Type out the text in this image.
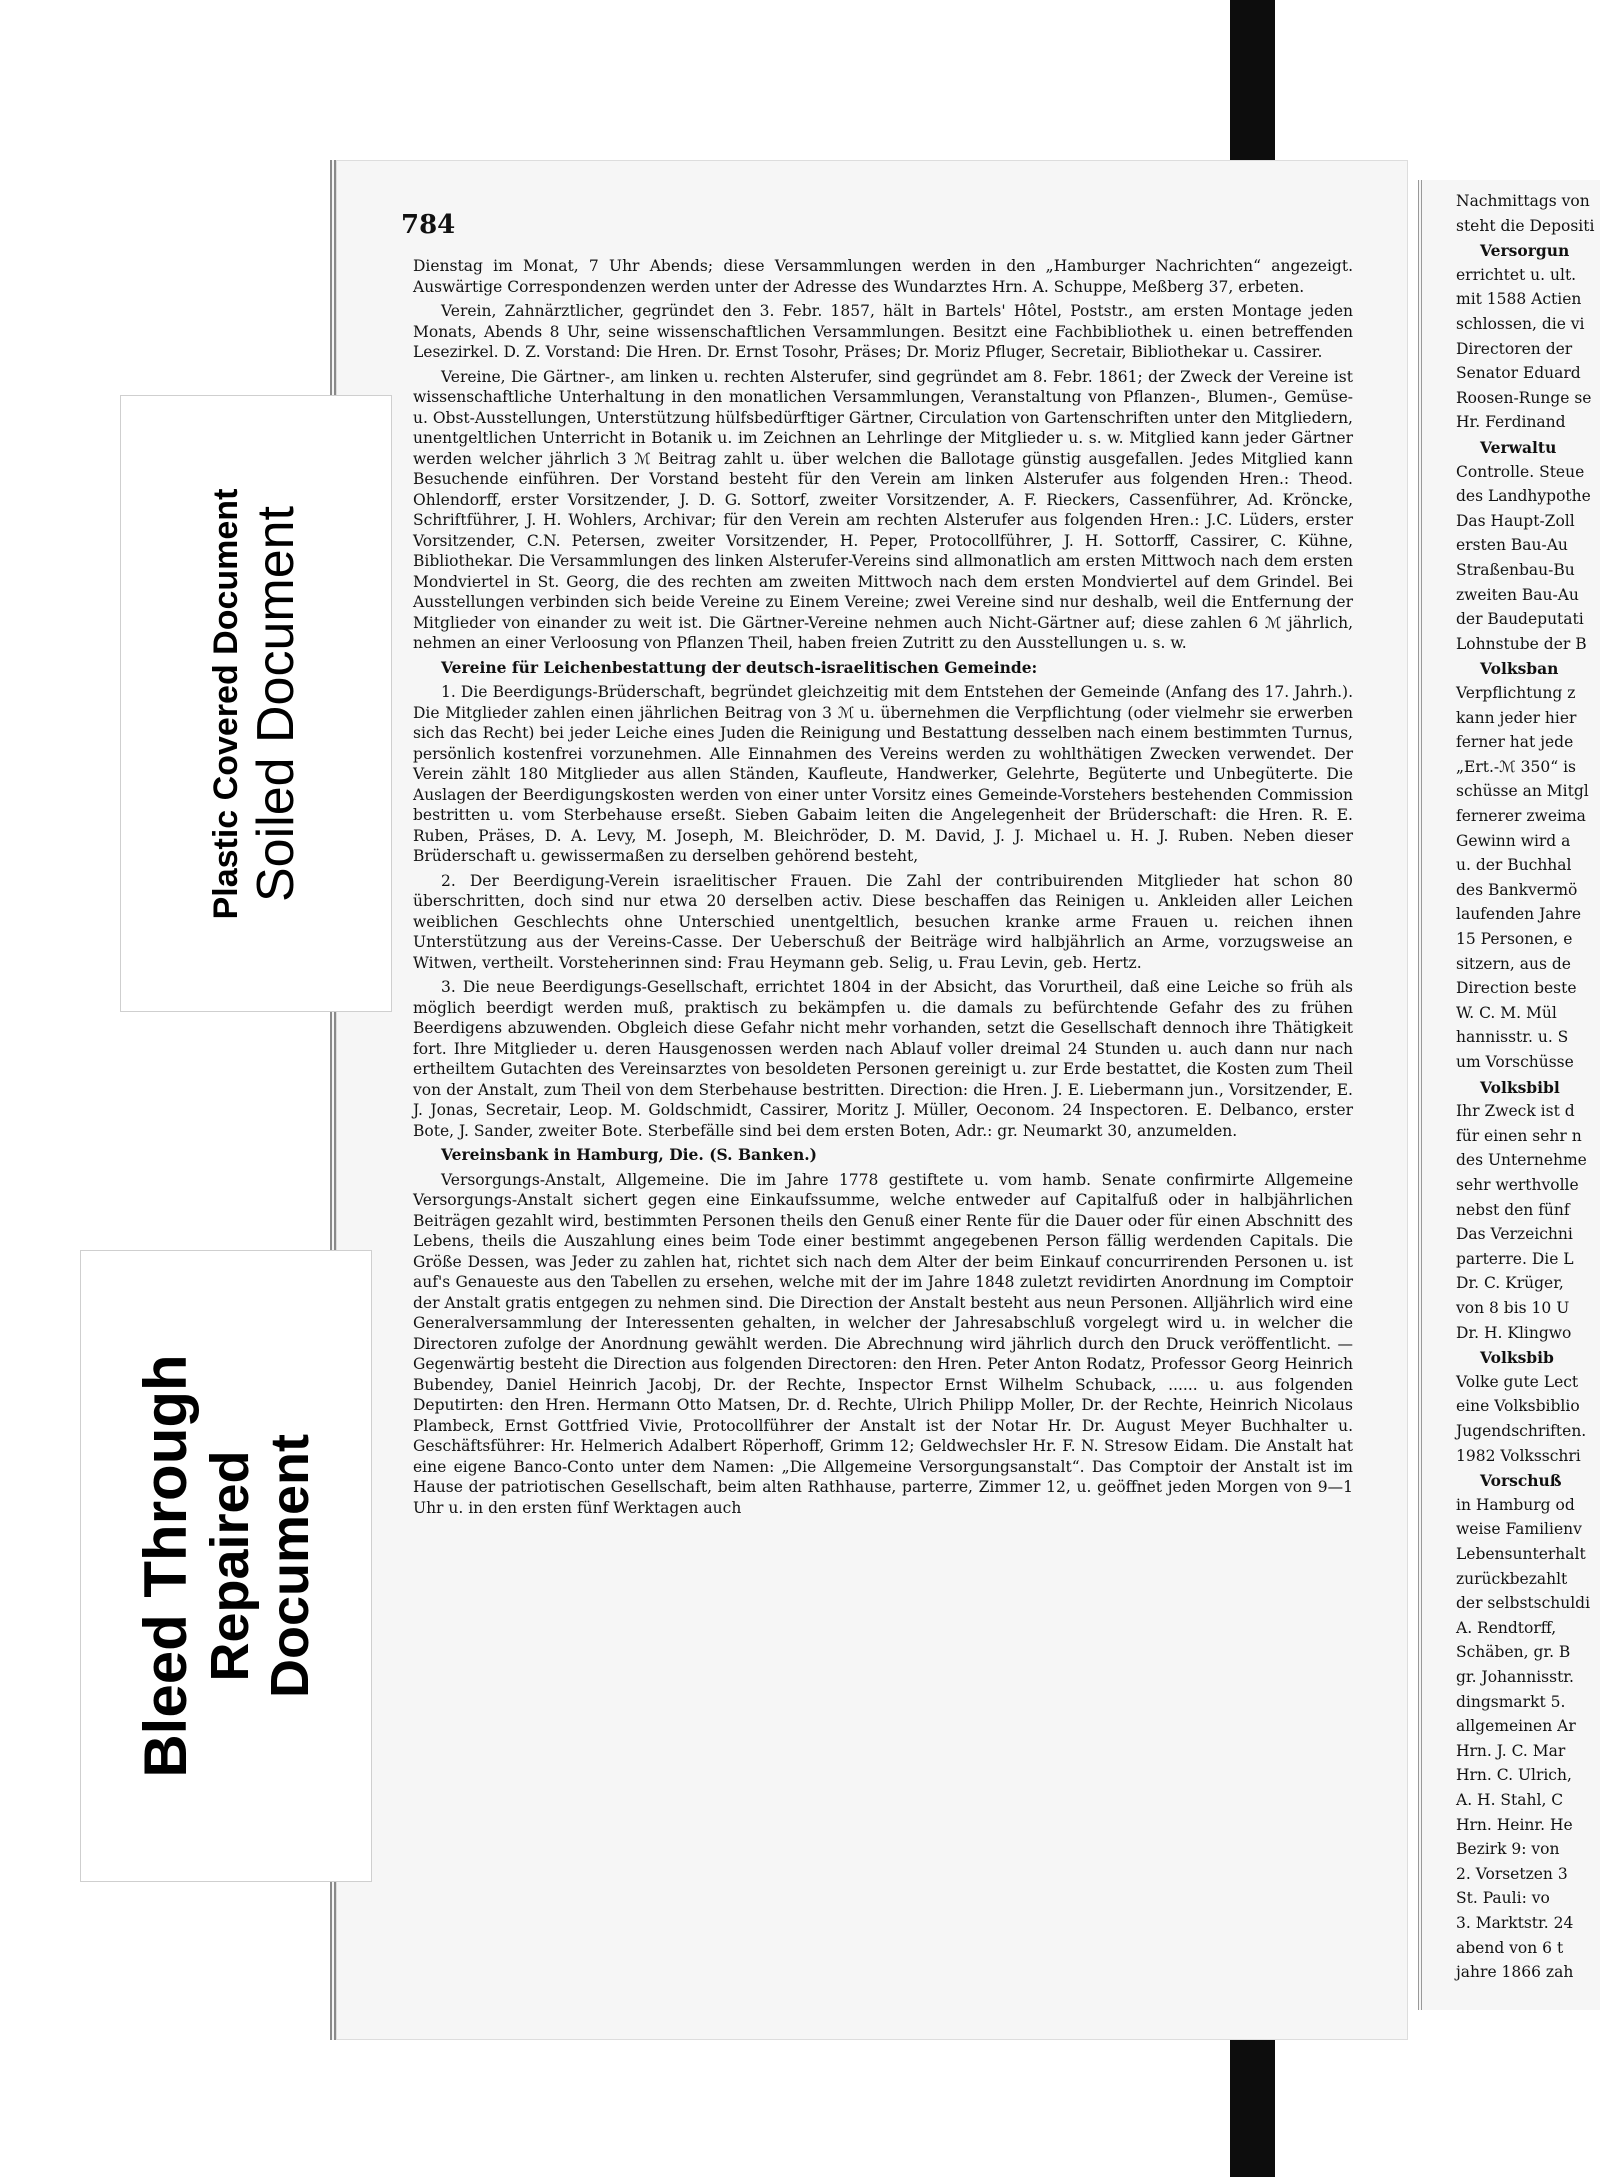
784

Dienstag im Monat, 7 Uhr Abends; diese Versammlungen werden in den „Hamburger Nachrichten“ angezeigt. Auswärtige Correspondenzen werden unter der Adresse des Wundarztes Hrn. A. Schuppe, Meßberg 37, erbeten.

Verein, Zahnärztlicher, gegründet den 3. Febr. 1857, hält in Bartels' Hôtel, Poststr., am ersten Montage jeden Monats, Abends 8 Uhr, seine wissenschaftlichen Versammlungen. Besitzt eine Fachbibliothek u. einen betreffenden Lesezirkel. D. Z. Vorstand: Die Hren. Dr. Ernst Tosohr, Präses; Dr. Moriz Pfluger, Secretair, Bibliothekar u. Cassirer.

Vereine, Die Gärtner-, am linken u. rechten Alsterufer, sind gegründet am 8. Febr. 1861; der Zweck der Vereine ist wissenschaftliche Unterhaltung in den monatlichen Versammlungen, Veranstaltung von Pflanzen-, Blumen-, Gemüse- u. Obst-Ausstellungen, Unterstützung hülfsbedürftiger Gärtner, Circulation von Gartenschriften unter den Mitgliedern, unentgeltlichen Unterricht in Botanik u. im Zeichnen an Lehrlinge der Mitglieder u. s. w. Mitglied kann jeder Gärtner werden welcher jährlich 3 ℳ Beitrag zahlt u. über welchen die Ballotage günstig ausgefallen. Jedes Mitglied kann Besuchende einführen. Der Vorstand besteht für den Verein am linken Alsterufer aus folgenden Hren.: Theod. Ohlendorff, erster Vorsitzender, J. D. G. Sottorf, zweiter Vorsitzender, A. F. Rieckers, Cassenführer, Ad. Kröncke, Schriftführer, J. H. Wohlers, Archivar; für den Verein am rechten Alsterufer aus folgenden Hren.: J.C. Lüders, erster Vorsitzender, C.N. Petersen, zweiter Vorsitzender, H. Peper, Protocollführer, J. H. Sottorff, Cassirer, C. Kühne, Bibliothekar. Die Versammlungen des linken Alsterufer-Vereins sind allmonatlich am ersten Mittwoch nach dem ersten Mondviertel in St. Georg, die des rechten am zweiten Mittwoch nach dem ersten Mondviertel auf dem Grindel. Bei Ausstellungen verbinden sich beide Vereine zu Einem Vereine; zwei Vereine sind nur deshalb, weil die Entfernung der Mitglieder von einander zu weit ist. Die Gärtner-Vereine nehmen auch Nicht-Gärtner auf; diese zahlen 6 ℳ jährlich, nehmen an einer Verloosung von Pflanzen Theil, haben freien Zutritt zu den Ausstellungen u. s. w.

Vereine für Leichenbestattung der deutsch-israelitischen Gemeinde:

1. Die Beerdigungs-Brüderschaft, begründet gleichzeitig mit dem Entstehen der Gemeinde (Anfang des 17. Jahrh.). Die Mitglieder zahlen einen jährlichen Beitrag von 3 ℳ u. übernehmen die Verpflichtung (oder vielmehr sie erwerben sich das Recht) bei jeder Leiche eines Juden die Reinigung und Bestattung desselben nach einem bestimmten Turnus, persönlich kostenfrei vorzunehmen. Alle Einnahmen des Vereins werden zu wohlthätigen Zwecken verwendet. Der Verein zählt 180 Mitglieder aus allen Ständen, Kaufleute, Handwerker, Gelehrte, Begüterte und Unbegüterte. Die Auslagen der Beerdigungskosten werden von einer unter Vorsitz eines Gemeinde-Vorstehers bestehenden Commission bestritten u. vom Sterbehause erseßt. Sieben Gabaim leiten die Angelegenheit der Brüderschaft: die Hren. R. E. Ruben, Präses, D. A. Levy, M. Joseph, M. Bleichröder, D. M. David, J. J. Michael u. H. J. Ruben. Neben dieser Brüderschaft u. gewissermaßen zu derselben gehörend besteht,

2. Der Beerdigung-Verein israelitischer Frauen. Die Zahl der contribuirenden Mitglieder hat schon 80 überschritten, doch sind nur etwa 20 derselben activ. Diese beschaffen das Reinigen u. Ankleiden aller Leichen weiblichen Geschlechts ohne Unterschied unentgeltlich, besuchen kranke arme Frauen u. reichen ihnen Unterstützung aus der Vereins-Casse. Der Ueberschuß der Beiträge wird halbjährlich an Arme, vorzugsweise an Witwen, vertheilt. Vorsteherinnen sind: Frau Heymann geb. Selig, u. Frau Levin, geb. Hertz.

3. Die neue Beerdigungs-Gesellschaft, errichtet 1804 in der Absicht, das Vorurtheil, daß eine Leiche so früh als möglich beerdigt werden muß, praktisch zu bekämpfen u. die damals zu befürchtende Gefahr des zu frühen Beerdigens abzuwenden. Obgleich diese Gefahr nicht mehr vorhanden, setzt die Gesellschaft dennoch ihre Thätigkeit fort. Ihre Mitglieder u. deren Hausgenossen werden nach Ablauf voller dreimal 24 Stunden u. auch dann nur nach ertheiltem Gutachten des Vereinsarztes von besoldeten Personen gereinigt u. zur Erde bestattet, die Kosten zum Theil von der Anstalt, zum Theil von dem Sterbehause bestritten. Direction: die Hren. J. E. Liebermann jun., Vorsitzender, E. J. Jonas, Secretair, Leop. M. Goldschmidt, Cassirer, Moritz J. Müller, Oeconom. 24 Inspectoren. E. Delbanco, erster Bote, J. Sander, zweiter Bote. Sterbefälle sind bei dem ersten Boten, Adr.: gr. Neumarkt 30, anzumelden.

Vereinsbank in Hamburg, Die. (S. Banken.)

Versorgungs-Anstalt, Allgemeine. Die im Jahre 1778 gestiftete u. vom hamb. Senate confirmirte Allgemeine Versorgungs-Anstalt sichert gegen eine Einkaufssumme, welche entweder auf Capitalfuß oder in halbjährlichen Beiträgen gezahlt wird, bestimmten Personen theils den Genuß einer Rente für die Dauer oder für einen Abschnitt des Lebens, theils die Auszahlung eines beim Tode einer bestimmt angegebenen Person fällig werdenden Capitals. Die Größe Dessen, was Jeder zu zahlen hat, richtet sich nach dem Alter der beim Einkauf concurrirenden Personen u. ist auf's Genaueste aus den Tabellen zu ersehen, welche mit der im Jahre 1848 zuletzt revidirten Anordnung im Comptoir der Anstalt gratis entgegen zu nehmen sind. Die Direction der Anstalt besteht aus neun Personen. Alljährlich wird eine Generalversammlung der Interessenten gehalten, in welcher der Jahresabschluß vorgelegt wird u. in welcher die Directoren zufolge der Anordnung gewählt werden. Die Abrechnung wird jährlich durch den Druck veröffentlicht. — Gegenwärtig besteht die Direction aus folgenden Directoren: den Hren. Peter Anton Rodatz, Professor Georg Heinrich Bubendey, Daniel Heinrich Jacobj, Dr. der Rechte, Inspector Ernst Wilhelm Schuback, ...... u. aus folgenden Deputirten: den Hren. Hermann Otto Matsen, Dr. d. Rechte, Ulrich Philipp Moller, Dr. der Rechte, Heinrich Nicolaus Plambeck, Ernst Gottfried Vivie, Protocollführer der Anstalt ist der Notar Hr. Dr. August Meyer Buchhalter u. Geschäftsführer: Hr. Helmerich Adalbert Röperhoff, Grimm 12; Geldwechsler Hr. F. N. Stresow Eidam. Die Anstalt hat eine eigene Banco-Conto unter dem Namen: „Die Allgemeine Versorgungsanstalt“. Das Comptoir der Anstalt ist im Hause der patriotischen Gesellschaft, beim alten Rathhause, parterre, Zimmer 12, u. geöffnet jeden Morgen von 9—1 Uhr u. in den ersten fünf Werktagen auch

Nachmittags von
steht die Depositi
Versorgun
errichtet u. ult.
mit 1588 Actien
schlossen, die vi
Directoren der
Senator Eduard
Roosen-Runge se
Hr. Ferdinand
Verwaltu
Controlle. Steue
des Landhypothe
Das Haupt-Zoll
ersten Bau-Au
Straßenbau-Bu
zweiten Bau-Au
der Baudeputati
Lohnstube der B
Volksban
Verpflichtung z
kann jeder hier
ferner hat jede
„Ert.-ℳ 350“ is
schüsse an Mitgl
fernerer zweima
Gewinn wird a
u. der Buchhal
des Bankvermö
laufenden Jahre
15 Personen, e
sitzern, aus de
Direction beste
W. C. M. Mül
hannisstr. u. S
um Vorschüsse
Volksbibl
Ihr Zweck ist d
für einen sehr n
des Unternehme
sehr werthvolle
nebst den fünf
Das Verzeichni
parterre. Die L
Dr. C. Krüger,
von 8 bis 10 U
Dr. H. Klingwo
Volksbib
Volke gute Lect
eine Volksbiblio
Jugendschriften.
1982 Volksschri
Vorschuß
in Hamburg od
weise Familienv
Lebensunterhalt
zurückbezahlt
der selbstschuldi
A. Rendtorff,
Schäben, gr. B
gr. Johannisstr.
dingsmarkt 5.
allgemeinen Ar
Hrn. J. C. Mar
Hrn. C. Ulrich,
A. H. Stahl, C
Hrn. Heinr. He
Bezirk 9: von
2. Vorsetzen 3
St. Pauli: vo
3. Marktstr. 24
abend von 6 t
jahre 1866 zah
Plastic Covered Document Soiled Document
Bleed Through Repaired Document
